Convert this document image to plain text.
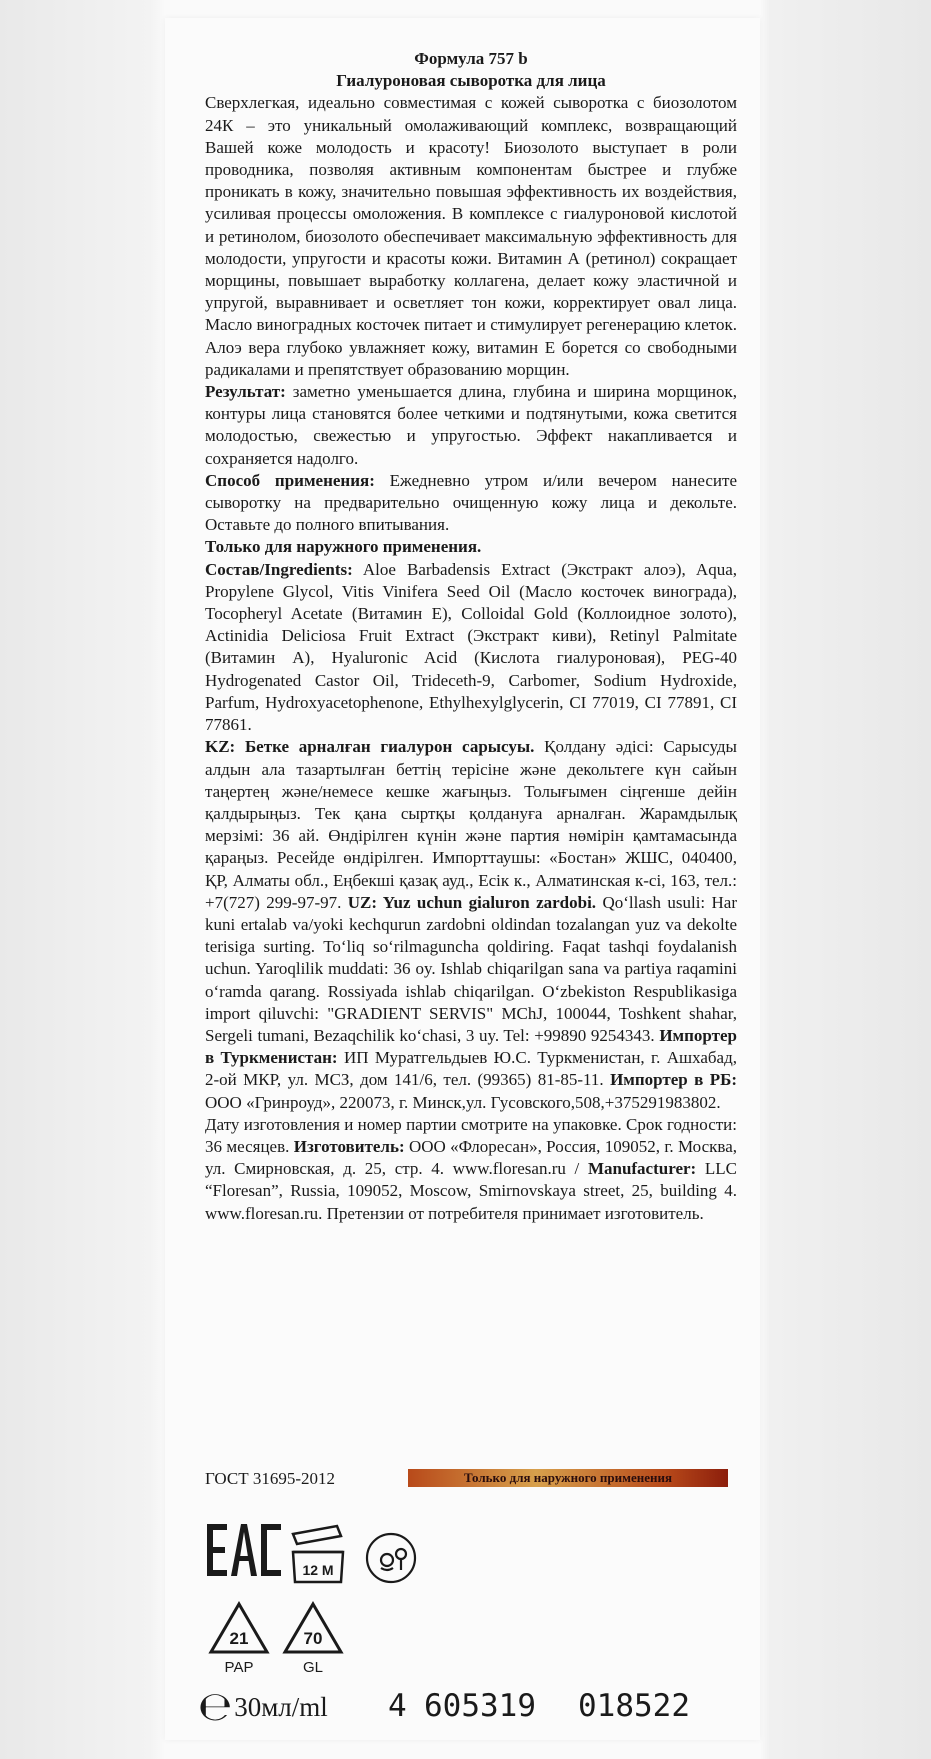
Формула 757 b
Гиалуроновая сыворотка для лица

Сверхлегкая, идеально совместимая с кожей сыворотка с биозолотом 24К – это уникальный омолаживающий комплекс, возвращающий Вашей коже молодость и красоту! Биозолото выступает в роли проводника, позволяя активным компонентам быстрее и глубже проникать в кожу, значительно повышая эффективность их воздействия, усиливая процессы омоложения. В комплексе с гиалуроновой кислотой и ретинолом, биозолото обеспечивает максимальную эффективность для молодости, упругости и красоты кожи. Витамин А (ретинол) сокращает морщины, повышает выработку коллагена, делает кожу эластичной и упругой, выравнивает и осветляет тон кожи, корректирует овал лица. Масло виноградных косточек питает и стимулирует регенерацию клеток. Алоэ вера глубоко увлажняет кожу, витамин Е борется со свободными радикалами и препятствует образованию морщин.

Результат: заметно уменьшается длина, глубина и ширина морщинок, контуры лица становятся более четкими и подтянутыми, кожа светится молодостью, свежестью и упругостью. Эффект накапливается и сохраняется надолго.

Способ применения: Ежедневно утром и/или вечером нанесите сыворотку на предварительно очищенную кожу лица и декольте. Оставьте до полного впитывания.

Только для наружного применения.

Состав/Ingredients: Aloe Barbadensis Extract (Экстракт алоэ), Aqua, Propylene Glycol, Vitis Vinifera Seed Oil (Масло косточек винограда), Tocopheryl Acetate (Витамин Е), Colloidal Gold (Коллоидное золото), Actinidia Deliciosa Fruit Extract (Экстракт киви), Retinyl Palmitate (Витамин А), Hyaluronic Acid (Кислота гиалуроновая), PEG-40 Hydrogenated Castor Oil, Trideceth-9, Carbomer, Sodium Hydroxide, Parfum, Hydroxyacetophenone, Ethylhexylglycerin, CI 77019, CI 77891, CI 77861.

KZ: Бетке арналған гиалурон сарысуы. Қолдану әдісі: Сарысуды алдын ала тазартылған беттің терісіне және декольтеге күн сайын таңертең және/немесе кешке жағыңыз. Толығымен сіңгенше дейін қалдырыңыз. Тек қана сыртқы қолдануға арналған. Жарамдылық мерзімі: 36 ай. Өндірілген күнін және партия нөмірін қамтамасында қараңыз. Ресейде өндірілген. Импорттаушы: «Бостан» ЖШС, 040400, ҚР, Алматы обл., Еңбекші қазақ ауд., Есік к., Алматинская к-сі, 163, тел.: +7(727) 299-97-97. UZ: Yuz uchun gialuron zardobi. Qo‘llash usuli: Har kuni ertalab va/yoki kechqurun zardobni oldindan tozalangan yuz va dekolte terisiga surting. To‘liq so‘rilmaguncha qoldiring. Faqat tashqi foydalanish uchun. Yaroqlilik muddati: 36 oy. Ishlab chiqarilgan sana va partiya raqamini o‘ramda qarang. Rossiyada ishlab chiqarilgan. O‘zbekiston Respublikasiga import qiluvchi: "GRADIENT SERVIS" MChJ, 100044, Toshkent shahar, Sergeli tumani, Bezaqchilik ko‘chasi, 3 uy. Tel: +99890 9254343. Импортер в Туркменистан: ИП Муратгельдыев Ю.С. Туркменистан, г. Ашхабад, 2-ой МКР, ул. МСЗ, дом 141/6, тел. (99365) 81-85-11. Импортер в РБ: ООО «Гринроуд», 220073, г. Минск,ул. Гусовского,508,+375291983802.

Дату изготовления и номер партии смотрите на упаковке. Срок годности: 36 месяцев. Изготовитель: ООО «Флоресан», Россия, 109052, г. Москва, ул. Смирновская, д. 25, стр. 4. www.floresan.ru / Manufacturer: LLC “Floresan”, Russia, 109052, Moscow, Smirnovskaya street, 25, building 4. www.floresan.ru. Претензии от потребителя принимает изготовитель.

ГОСТ 31695-2012	Только для наружного применения
12 M
21
PAP
70
GL
℮30мл/ml 4 605319 018522
